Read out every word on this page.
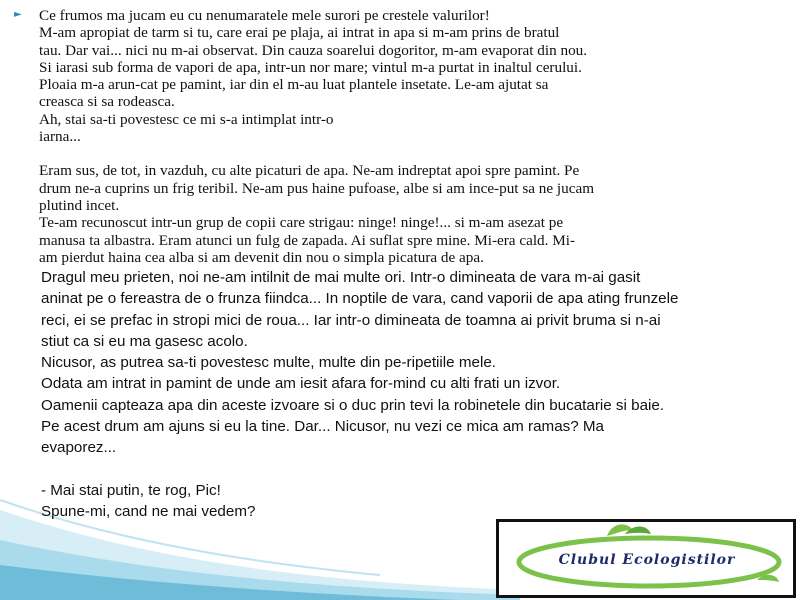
► Ce frumos ma jucam eu cu nenumaratele mele surori pe crestele valurilor!
M-am apropiat de tarm si tu, care erai pe plaja, ai intrat in apa si m-am prins de bratul
tau. Dar vai... nici nu m-ai observat. Din cauza soarelui dogoritor, m-am evaporat din nou.
Si iarasi sub forma de vapori de apa, intr-un nor mare; vintul m-a purtat in inaltul cerului.
Ploaia m-a arun-cat pe pamint, iar din el m-au luat plantele insetate. Le-am ajutat sa
creasca si sa rodeasca.
Ah, stai sa-ti povestesc ce mi s-a intimplat intr-o
iarna...
Eram sus, de tot, in vazduh, cu alte picaturi de apa. Ne-am indreptat apoi spre pamint. Pe
drum ne-a cuprins un frig teribil. Ne-am pus haine pufoase, albe si am ince-put sa ne jucam
plutind incet.
Te-am recunoscut intr-un grup de copii care strigau: ninge! ninge!... si m-am asezat pe
manusa ta albastra. Eram atunci un fulg de zapada. Ai suflat spre mine. Mi-era cald. Mi-
am pierdut haina cea alba si am devenit din nou o simpla picatura de apa.
Dragul meu prieten, noi ne-am intilnit de mai multe ori. Intr-o dimineata de vara m-ai gasit
aninat pe o fereastra de o frunza fiindca... In noptile de vara, cand vaporii de apa ating frunzele
reci, ei se prefac in stropi mici de roua... Iar intr-o dimineata de toamna ai privit bruma si n-ai
stiut ca si eu ma gasesc acolo.
Nicusor, as putrea sa-ti povestesc multe, multe din pe-ripetiile mele.
Odata am intrat in pamint de unde am iesit afara for-mind cu alti frati un izvor.
Oamenii capteaza apa din aceste izvoare si o duc prin tevi la robinetele din bucatarie si baie.
Pe acest drum am ajuns si eu la tine. Dar... Nicusor, nu vezi ce mica am ramas? Ma
evaporez...
- Mai stai putin, te rog, Pic!
Spune-mi, cand ne mai vedem?
Clubul Ecologistilor
